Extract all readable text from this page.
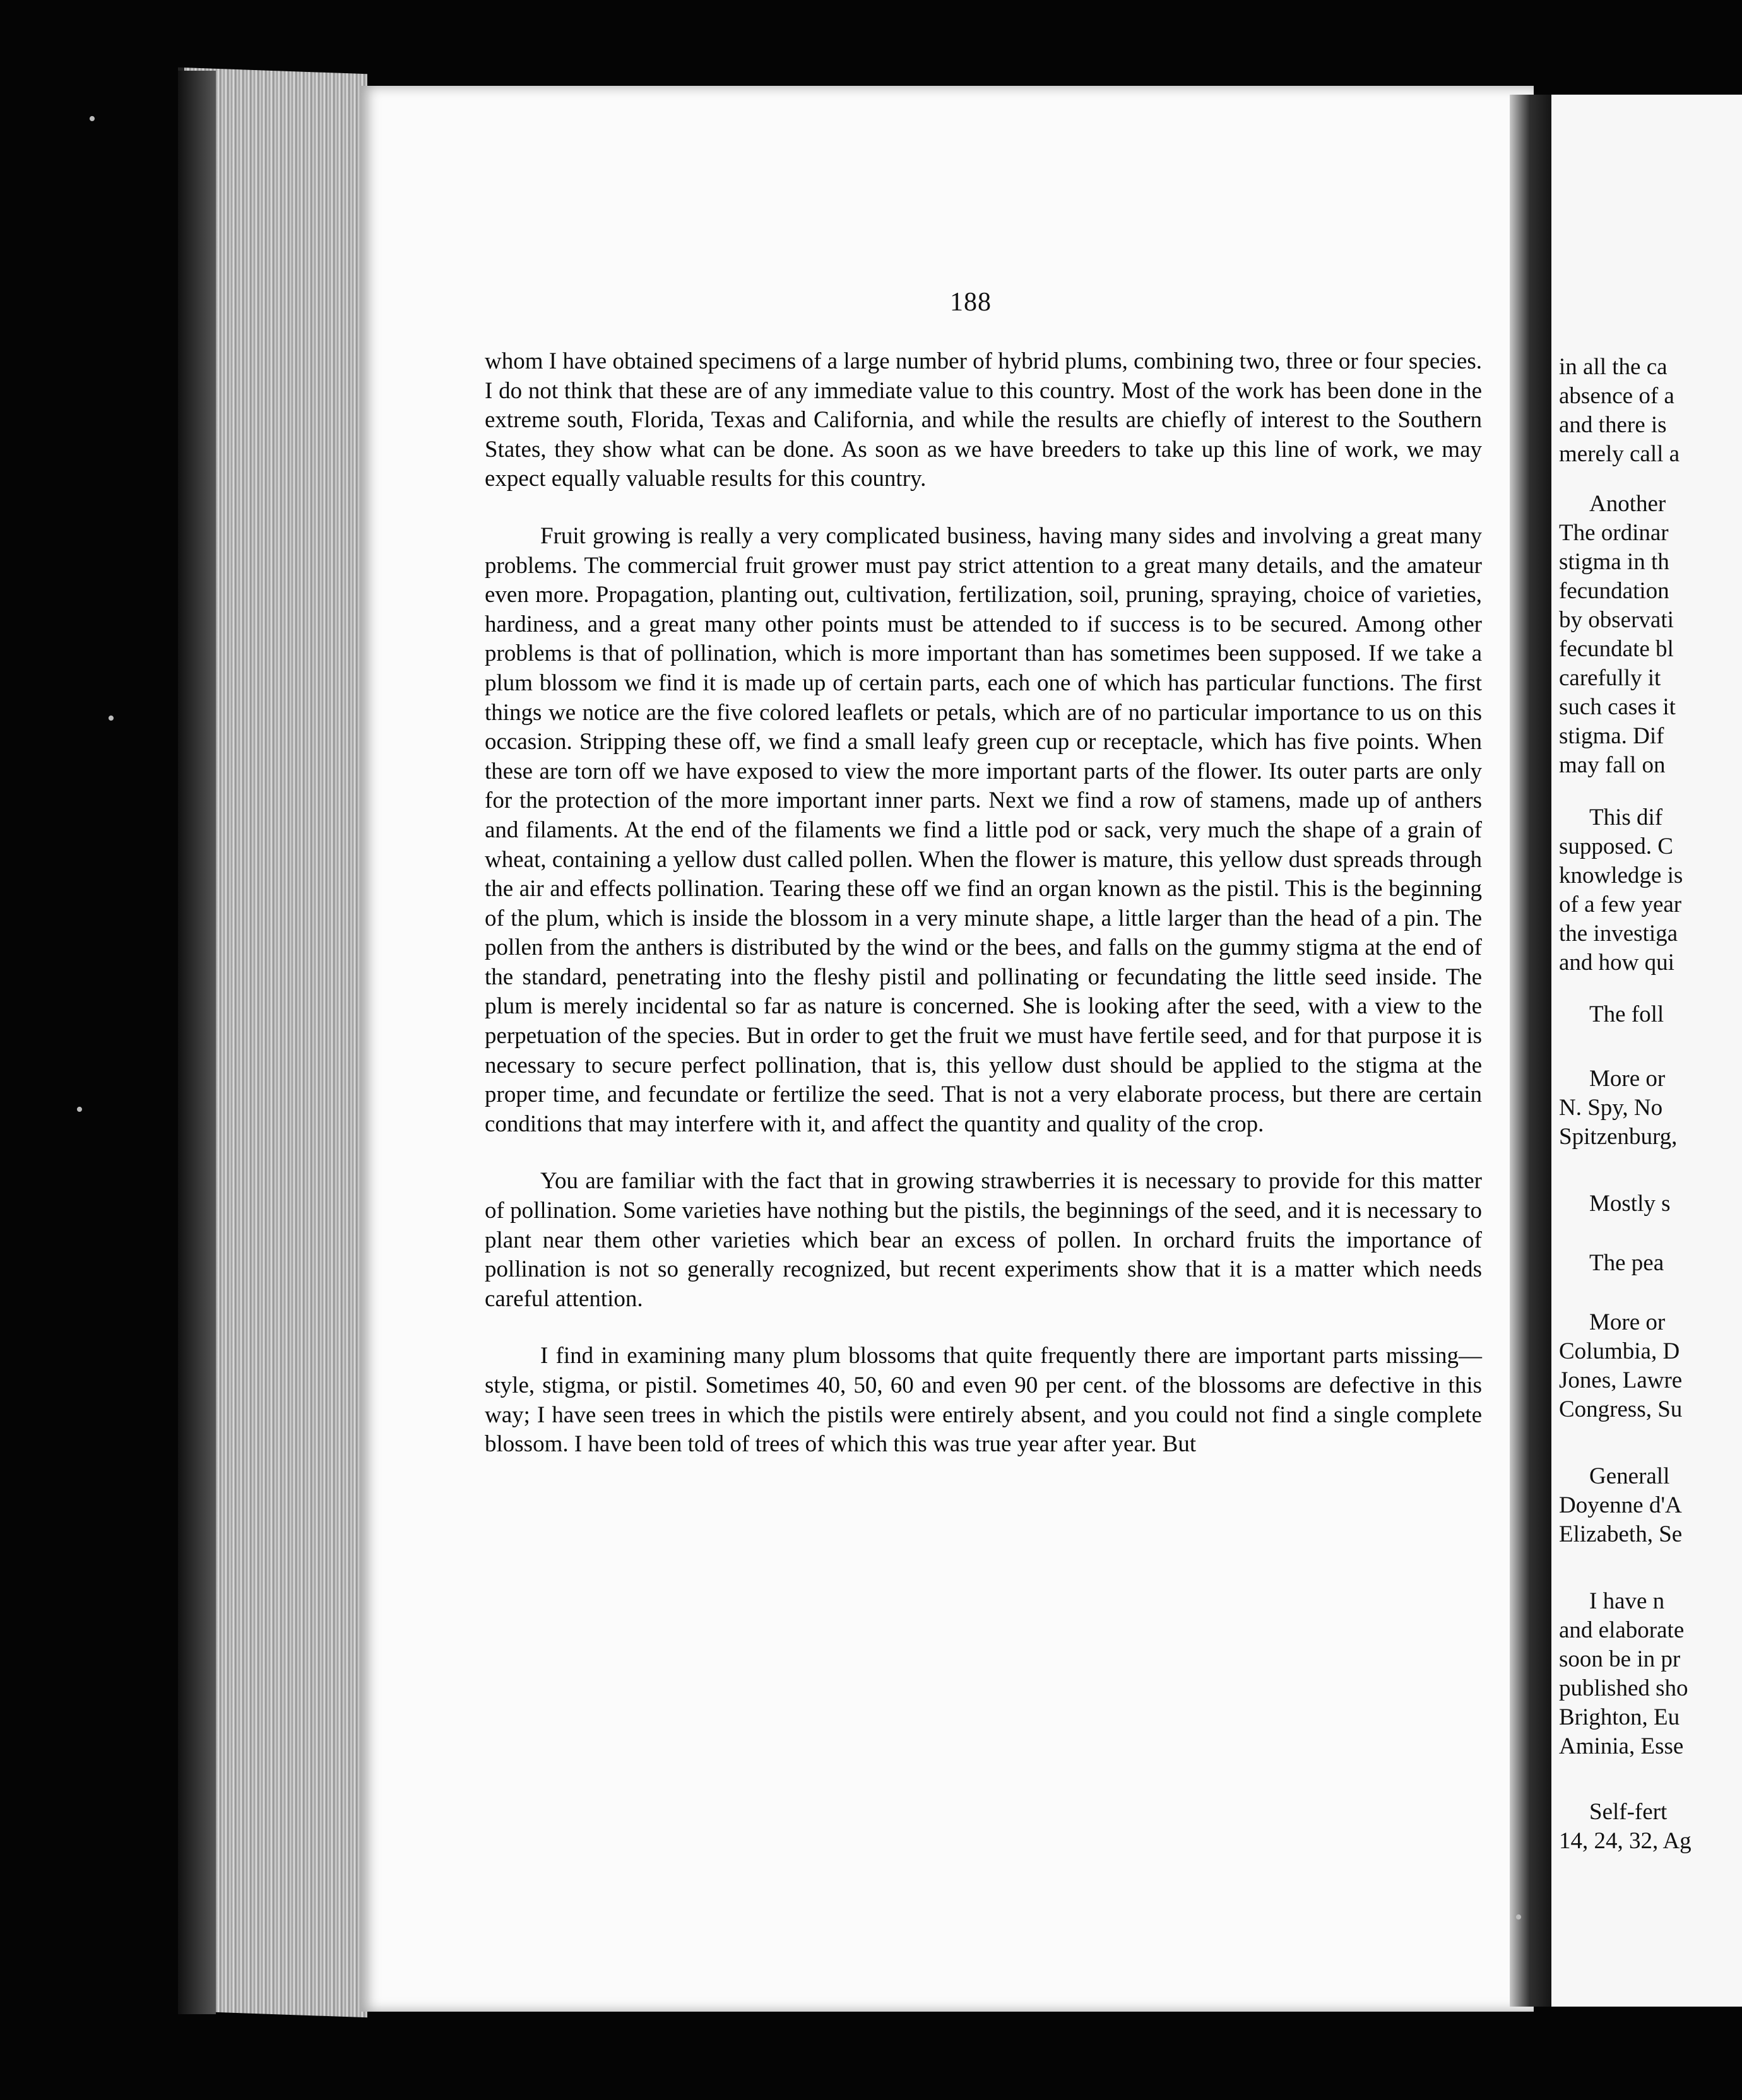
188

whom I have obtained specimens of a large number of hybrid plums, combining two, three or four species. I do not think that these are of any immediate value to this country. Most of the work has been done in the extreme south, Florida, Texas and California, and while the results are chiefly of interest to the Southern States, they show what can be done. As soon as we have breeders to take up this line of work, we may expect equally valuable results for this country.

Fruit growing is really a very complicated business, having many sides and involving a great many problems. The commercial fruit grower must pay strict attention to a great many details, and the amateur even more. Propagation, planting out, cultivation, fertilization, soil, pruning, spraying, choice of varieties, hardiness, and a great many other points must be attended to if success is to be secured. Among other problems is that of pollination, which is more important than has sometimes been supposed. If we take a plum blossom we find it is made up of certain parts, each one of which has particular functions. The first things we notice are the five colored leaflets or petals, which are of no particular importance to us on this occasion. Stripping these off, we find a small leafy green cup or receptacle, which has five points. When these are torn off we have exposed to view the more important parts of the flower. Its outer parts are only for the protection of the more important inner parts. Next we find a row of stamens, made up of anthers and filaments. At the end of the filaments we find a little pod or sack, very much the shape of a grain of wheat, containing a yellow dust called pollen. When the flower is mature, this yellow dust spreads through the air and effects pollination. Tearing these off we find an organ known as the pistil. This is the beginning of the plum, which is inside the blossom in a very minute shape, a little larger than the head of a pin. The pollen from the anthers is distributed by the wind or the bees, and falls on the gummy stigma at the end of the standard, penetrating into the fleshy pistil and pollinating or fecundating the little seed inside. The plum is merely incidental so far as nature is concerned. She is looking after the seed, with a view to the perpetuation of the species. But in order to get the fruit we must have fertile seed, and for that purpose it is necessary to secure perfect pollination, that is, this yellow dust should be applied to the stigma at the proper time, and fecundate or fertilize the seed. That is not a very elaborate process, but there are certain conditions that may interfere with it, and affect the quantity and quality of the crop.

You are familiar with the fact that in growing strawberries it is necessary to provide for this matter of pollination. Some varieties have nothing but the pistils, the beginnings of the seed, and it is necessary to plant near them other varieties which bear an excess of pollen. In orchard fruits the importance of pollination is not so generally recognized, but recent experiments show that it is a matter which needs careful attention.

I find in examining many plum blossoms that quite frequently there are important parts missing—style, stigma, or pistil. Sometimes 40, 50, 60 and even 90 per cent. of the blossoms are defective in this way; I have seen trees in which the pistils were entirely absent, and you could not find a single complete blossom. I have been told of trees of which this was true year after year. But

in all the ca
absence of a
and there is
merely call a
Another
The ordinar
stigma in th
fecundation
by observati
fecundate bl
carefully it
such cases it
stigma. Dif
may fall on
This dif
supposed. C
knowledge is
of a few year
the investiga
and how qui
The foll
More or
N. Spy, No
Spitzenburg,
Mostly s
The pea
More or
Columbia, D
Jones, Lawre
Congress, Su
Generall
Doyenne d'A
Elizabeth, Se
I have n
and elaborate
soon be in pr
published sho
Brighton, Eu
Aminia, Esse
Self-fert
14, 24, 32, Ag
•
•
•
•
